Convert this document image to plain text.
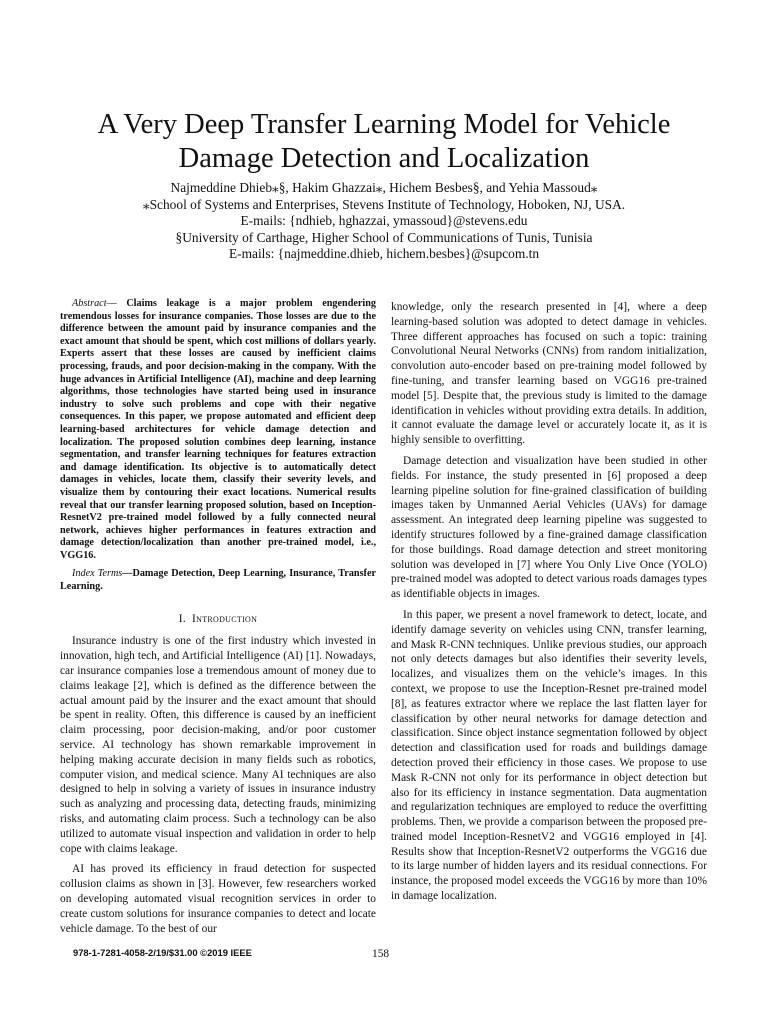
A Very Deep Transfer Learning Model for Vehicle
Damage Detection and Localization
Najmeddine Dhieb⁎§, Hakim Ghazzai⁎, Hichem Besbes§, and Yehia Massoud⁎
⁎School of Systems and Enterprises, Stevens Institute of Technology, Hoboken, NJ, USA.
E-mails: {ndhieb, hghazzai, ymassoud}@stevens.edu
§University of Carthage, Higher School of Communications of Tunis, Tunisia
E-mails: {najmeddine.dhieb, hichem.besbes}@supcom.tn

Abstract— Claims leakage is a major problem engendering tremendous losses for insurance companies. Those losses are due to the difference between the amount paid by insurance companies and the exact amount that should be spent, which cost millions of dollars yearly. Experts assert that these losses are caused by inefficient claims processing, frauds, and poor decision-making in the company. With the huge advances in Artificial Intelligence (AI), machine and deep learning algorithms, those technologies have started being used in insurance industry to solve such problems and cope with their negative consequences. In this paper, we propose automated and efficient deep learning-based architectures for vehicle damage detection and localization. The proposed solution combines deep learning, instance segmentation, and transfer learning techniques for features extraction and damage identification. Its objective is to automatically detect damages in vehicles, locate them, classify their severity levels, and visualize them by contouring their exact locations. Numerical results reveal that our transfer learning proposed solution, based on Inception-ResnetV2 pre-trained model followed by a fully connected neural network, achieves higher performances in features extraction and damage detection/localization than another pre-trained model, i.e., VGG16.

Index Terms—Damage Detection, Deep Learning, Insurance, Transfer Learning.

I. Introduction

Insurance industry is one of the first industry which invested in innovation, high tech, and Artificial Intelligence (AI) [1]. Nowadays, car insurance companies lose a tremendous amount of money due to claims leakage [2], which is defined as the difference between the actual amount paid by the insurer and the exact amount that should be spent in reality. Often, this difference is caused by an inefficient claim processing, poor decision-making, and/or poor customer service. AI technology has shown remarkable improvement in helping making accurate decision in many fields such as robotics, computer vision, and medical science. Many AI techniques are also designed to help in solving a variety of issues in insurance industry such as analyzing and processing data, detecting frauds, minimizing risks, and automating claim process. Such a technology can be also utilized to automate visual inspection and validation in order to help cope with claims leakage.

AI has proved its efficiency in fraud detection for suspected collusion claims as shown in [3]. However, few researchers worked on developing automated visual recognition services in order to create custom solutions for insurance companies to detect and locate vehicle damage. To the best of our

knowledge, only the research presented in [4], where a deep learning-based solution was adopted to detect damage in vehicles. Three different approaches has focused on such a topic: training Convolutional Neural Networks (CNNs) from random initialization, convolution auto-encoder based on pre-training model followed by fine-tuning, and transfer learning based on VGG16 pre-trained model [5]. Despite that, the previous study is limited to the damage identification in vehicles without providing extra details. In addition, it cannot evaluate the damage level or accurately locate it, as it is highly sensible to overfitting.

Damage detection and visualization have been studied in other fields. For instance, the study presented in [6] proposed a deep learning pipeline solution for fine-grained classification of building images taken by Unmanned Aerial Vehicles (UAVs) for damage assessment. An integrated deep learning pipeline was suggested to identify structures followed by a fine-grained damage classification for those buildings. Road damage detection and street monitoring solution was developed in [7] where You Only Live Once (YOLO) pre-trained model was adopted to detect various roads damages types as identifiable objects in images.

In this paper, we present a novel framework to detect, locate, and identify damage severity on vehicles using CNN, transfer learning, and Mask R-CNN techniques. Unlike previous studies, our approach not only detects damages but also identifies their severity levels, localizes, and visualizes them on the vehicle’s images. In this context, we propose to use the Inception-Resnet pre-trained model [8], as features extractor where we replace the last flatten layer for classification by other neural networks for damage detection and classification. Since object instance segmentation followed by object detection and classification used for roads and buildings damage detection proved their efficiency in those cases. We propose to use Mask R-CNN not only for its performance in object detection but also for its efficiency in instance segmentation. Data augmentation and regularization techniques are employed to reduce the overfitting problems. Then, we provide a comparison between the proposed pre-trained model Inception-ResnetV2 and VGG16 employed in [4]. Results show that Inception-ResnetV2 outperforms the VGG16 due to its large number of hidden layers and its residual connections. For instance, the proposed model exceeds the VGG16 by more than 10% in damage localization.

978-1-7281-4058-2/19/$31.00 ©2019 IEEE	158
